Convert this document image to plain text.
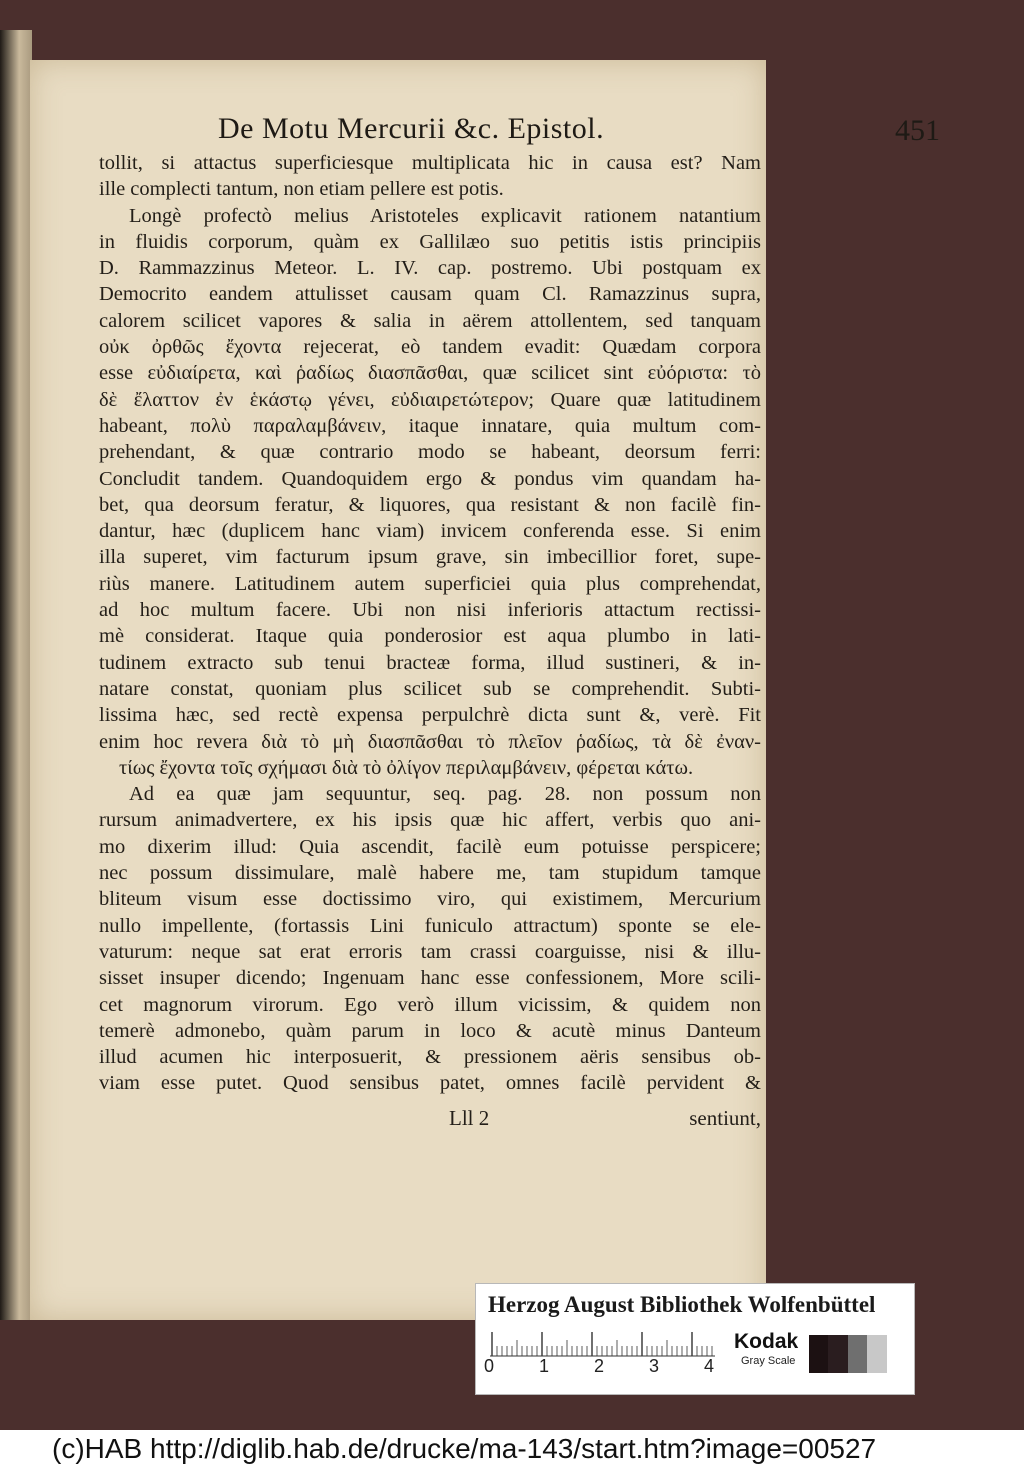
De Motu Mercurii &c. Epistol.	451
tollit, si attactus superficiesque multiplicata hic in causa est? Nam
ille complecti tantum, non etiam pellere est potis.
Longè profectò melius Aristoteles explicavit rationem natantium
in fluidis corporum, quàm ex Gallilæo suo petitis istis principiis
D. Rammazzinus Meteor. L. IV. cap. postremo. Ubi postquam ex
Democrito eandem attulisset causam quam Cl. Ramazzinus supra,
calorem scilicet vapores & salia in aërem attollentem, sed tanquam
οὐκ ὀρθῶς ἔχοντα rejecerat, eò tandem evadit: Quædam corpora
esse εὐδιαίρετα, καὶ ῥαδίως διασπᾶσθαι, quæ scilicet sint εὐόριστα: τὸ
δὲ ἔλαττον ἐν ἑκάστῳ γένει, εὐδιαιρετώτερον; Quare quæ latitudinem
habeant, πολὺ παραλαμβάνειν, itaque innatare, quia multum com-
prehendant, & quæ contrario modo se habeant, deorsum ferri:
Concludit tandem. Quandoquidem ergo & pondus vim quandam ha-
bet, qua deorsum feratur, & liquores, qua resistant & non facilè fin-
dantur, hæc (duplicem hanc viam) invicem conferenda esse. Si enim
illa superet, vim facturum ipsum grave, sin imbecillior foret, supe-
riùs manere. Latitudinem autem superficiei quia plus comprehendat,
ad hoc multum facere. Ubi non nisi inferioris attactum rectissi-
mè considerat. Itaque quia ponderosior est aqua plumbo in lati-
tudinem extracto sub tenui bracteæ forma, illud sustineri, & in-
natare constat, quoniam plus scilicet sub se comprehendit. Subti-
lissima hæc, sed rectè expensa perpulchrè dicta sunt &, verè. Fit
enim hoc revera διὰ τὸ μὴ διασπᾶσθαι τὸ πλεῖον ῥαδίως, τὰ δὲ ἐναν-
τίως ἔχοντα τοῖς σχήμασι διὰ τὸ ὀλίγον περιλαμβάνειν, φέρεται κάτω.
Ad ea quæ jam sequuntur, seq. pag. 28. non possum non
rursum animadvertere, ex his ipsis quæ hic affert, verbis quo ani-
mo dixerim illud: Quia ascendit, facilè eum potuisse perspicere;
nec possum dissimulare, malè habere me, tam stupidum tamque
bliteum visum esse doctissimo viro, qui existimem, Mercurium
nullo impellente, (fortassis Lini funiculo attractum) sponte se ele-
vaturum: neque sat erat erroris tam crassi coarguisse, nisi & illu-
sisset insuper dicendo; Ingenuam hanc esse confessionem, More scili-
cet magnorum virorum. Ego verò illum vicissim, & quidem non
temerè admonebo, quàm parum in loco & acutè minus Danteum
illud acumen hic interposuerit, & pressionem aëris sensibus ob-
viam esse putet. Quod sensibus patet, omnes facilè pervident &
Lll 2	sentiunt,
Herzog August Bibliothek Wolfenbüttel
0 1 2 3 4
Kodak
Gray Scale
(c)HAB http://diglib.hab.de/drucke/ma-143/start.htm?image=00527
